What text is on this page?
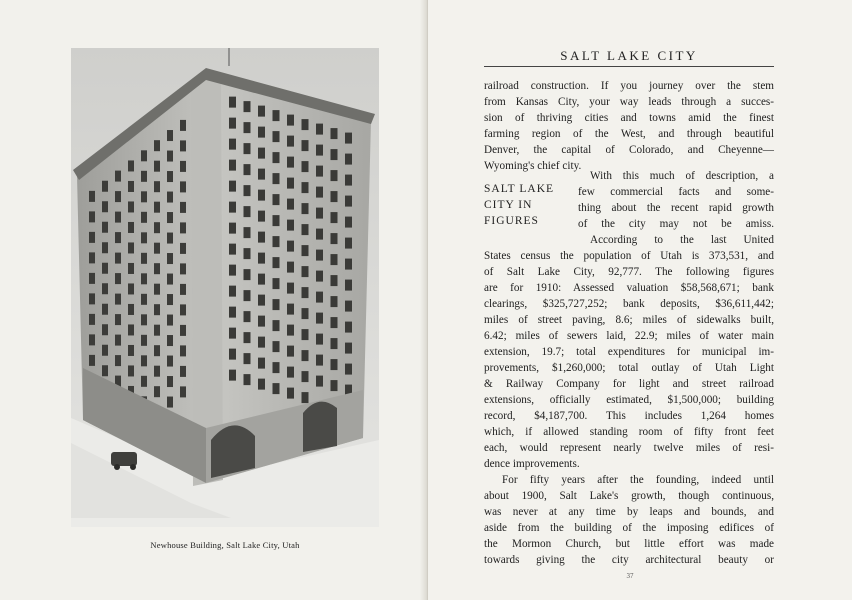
Newhouse Building, Salt Lake City, Utah
SALT LAKE CITY
SALT LAKE
CITY IN
FIGURES
railroad construction. If you journey over the stem
from Kansas City, your way leads through a succes-
sion of thriving cities and towns amid the finest
farming region of the West, and through beautiful
Denver, the capital of Colorado, and Cheyenne—
Wyoming's chief city.
With this much of description, a
few commercial facts and some-
thing about the recent rapid growth
of the city may not be amiss.
According to the last United
States census the population of Utah is 373,531, and
of Salt Lake City, 92,777. The following figures
are for 1910: Assessed valuation $58,568,671; bank
clearings, $325,727,252; bank deposits, $36,611,442;
miles of street paving, 8.6; miles of sidewalks built,
6.42; miles of sewers laid, 22.9; miles of water main
extension, 19.7; total expenditures for municipal im-
provements, $1,260,000; total outlay of Utah Light
& Railway Company for light and street railroad
extensions, officially estimated, $1,500,000; building
record, $4,187,700. This includes 1,264 homes
which, if allowed standing room of fifty front feet
each, would represent nearly twelve miles of resi-
dence improvements.
For fifty years after the founding, indeed until
about 1900, Salt Lake's growth, though continuous,
was never at any time by leaps and bounds, and
aside from the building of the imposing edifices of
the Mormon Church, but little effort was made
towards giving the city architectural beauty or
37
